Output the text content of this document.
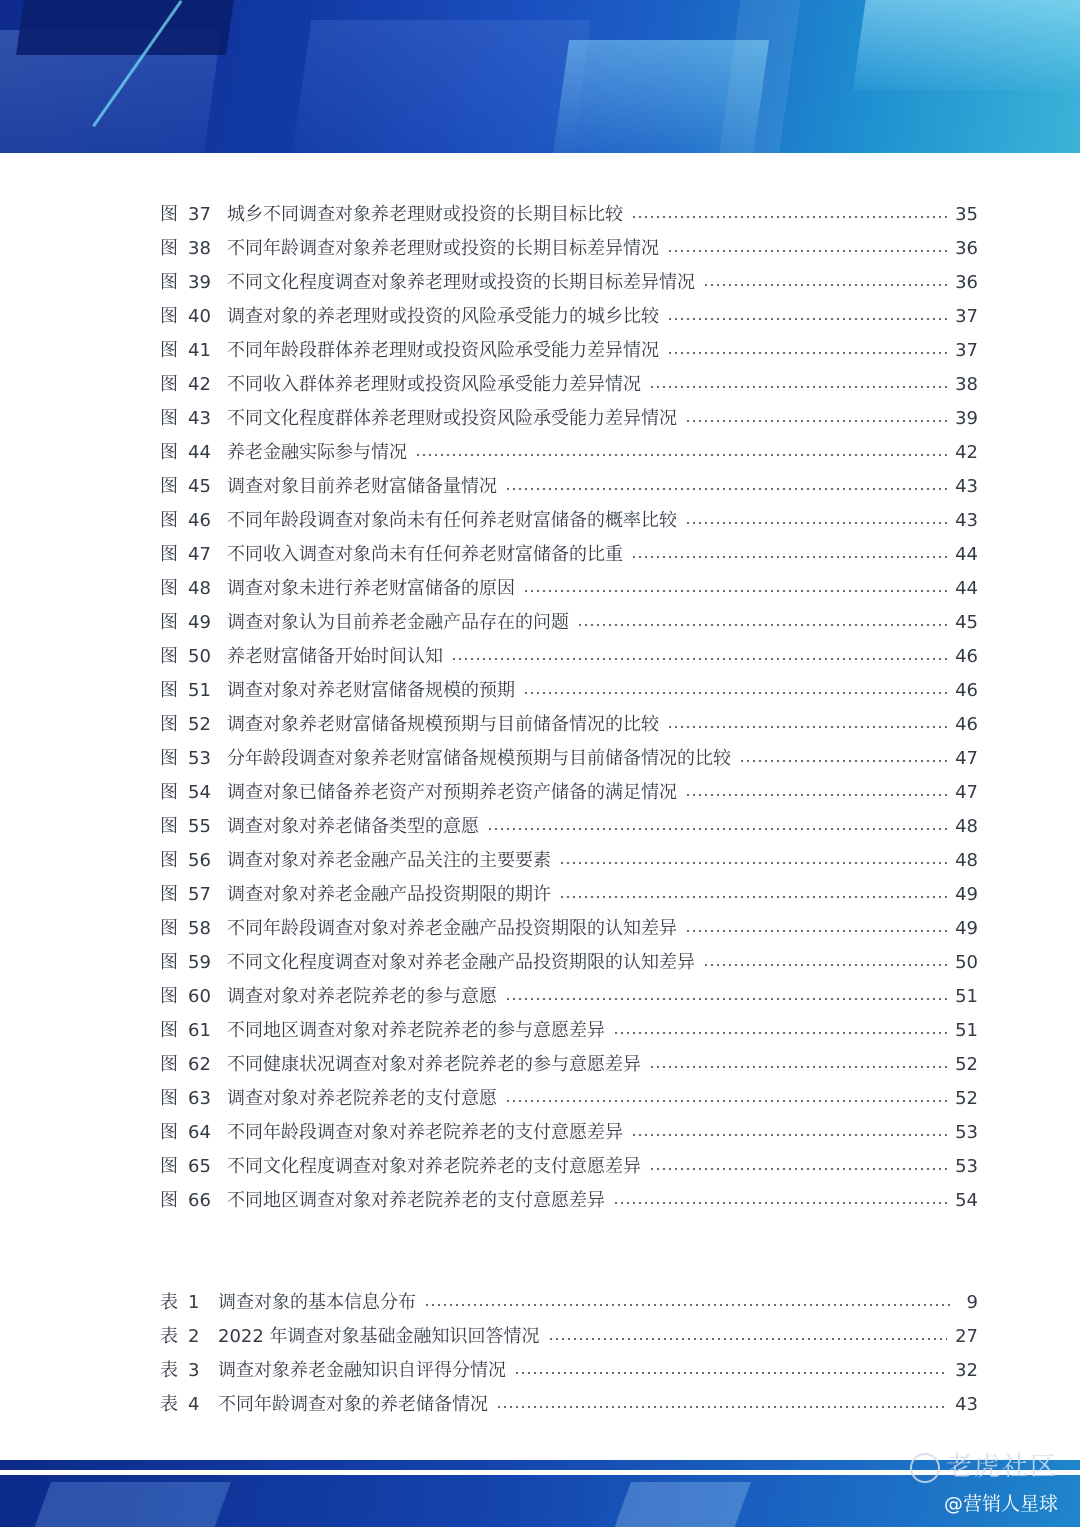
图 37 城乡不同调查对象养老理财或投资的长期目标比较	35
图 38 不同年龄调查对象养老理财或投资的长期目标差异情况	36
图 39 不同文化程度调查对象养老理财或投资的长期目标差异情况	36
图 40 调查对象的养老理财或投资的风险承受能力的城乡比较	37
图 41 不同年龄段群体养老理财或投资风险承受能力差异情况	37
图 42 不同收入群体养老理财或投资风险承受能力差异情况	38
图 43 不同文化程度群体养老理财或投资风险承受能力差异情况	39
图 44 养老金融实际参与情况	42
图 45 调查对象目前养老财富储备量情况	43
图 46 不同年龄段调查对象尚未有任何养老财富储备的概率比较	43
图 47 不同收入调查对象尚未有任何养老财富储备的比重	44
图 48 调查对象未进行养老财富储备的原因	44
图 49 调查对象认为目前养老金融产品存在的问题	45
图 50 养老财富储备开始时间认知	46
图 51 调查对象对养老财富储备规模的预期	46
图 52 调查对象养老财富储备规模预期与目前储备情况的比较	46
图 53 分年龄段调查对象养老财富储备规模预期与目前储备情况的比较	47
图 54 调查对象已储备养老资产对预期养老资产储备的满足情况	47
图 55 调查对象对养老储备类型的意愿	48
图 56 调查对象对养老金融产品关注的主要要素	48
图 57 调查对象对养老金融产品投资期限的期许	49
图 58 不同年龄段调查对象对养老金融产品投资期限的认知差异	49
图 59 不同文化程度调查对象对养老金融产品投资期限的认知差异	50
图 60 调查对象对养老院养老的参与意愿	51
图 61 不同地区调查对象对养老院养老的参与意愿差异	51
图 62 不同健康状况调查对象对养老院养老的参与意愿差异	52
图 63 调查对象对养老院养老的支付意愿	52
图 64 不同年龄段调查对象对养老院养老的支付意愿差异	53
图 65 不同文化程度调查对象对养老院养老的支付意愿差异	53
图 66 不同地区调查对象对养老院养老的支付意愿差异	54
表 1	调查对象的基本信息分布	9
表 2	2022 年调查对象基础金融知识回答情况	27
表 3	调查对象养老金融知识自评得分情况	32
表 4	不同年龄调查对象的养老储备情况	43
老虎社区
@营销人星球
